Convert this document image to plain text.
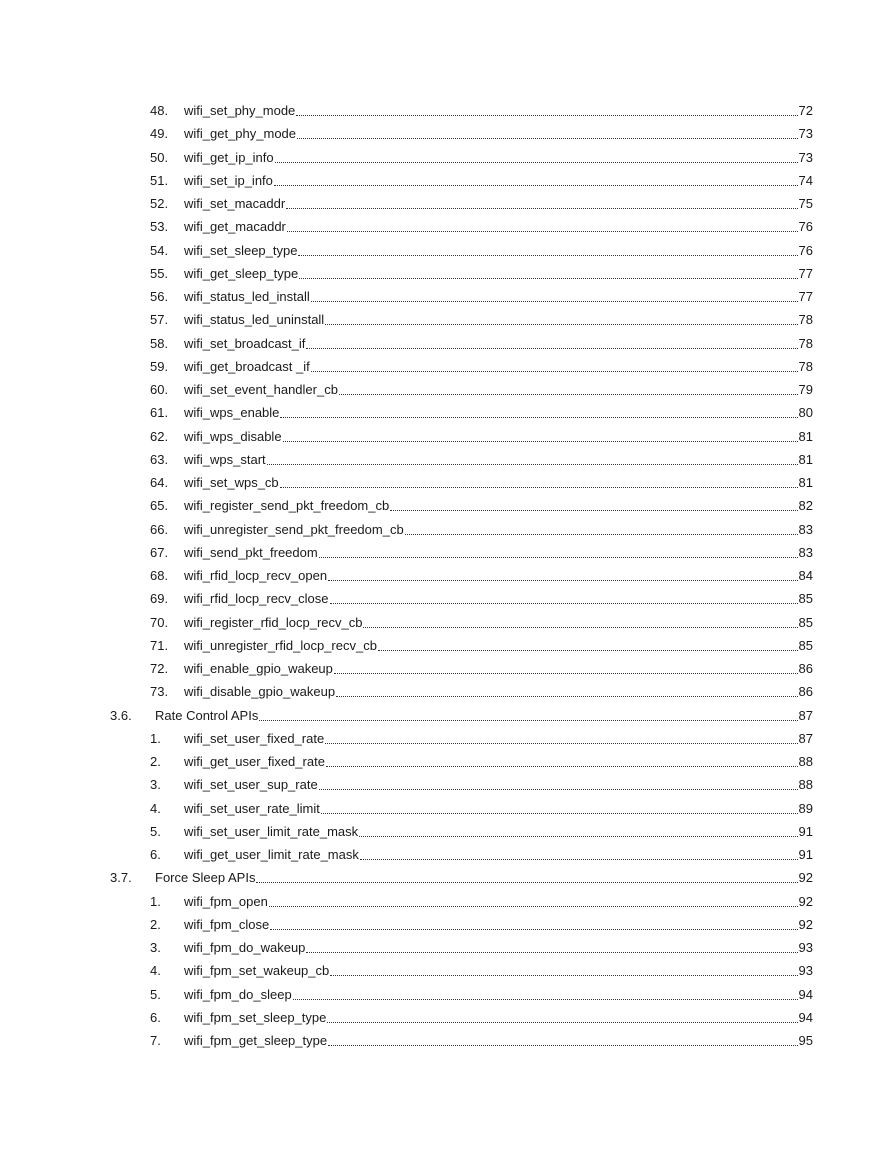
48. wifi_set_phy_mode	72
49. wifi_get_phy_mode	73
50. wifi_get_ip_info	73
51. wifi_set_ip_info	74
52. wifi_set_macaddr	75
53. wifi_get_macaddr	76
54. wifi_set_sleep_type	76
55. wifi_get_sleep_type	77
56. wifi_status_led_install	77
57. wifi_status_led_uninstall	78
58. wifi_set_broadcast_if	78
59. wifi_get_broadcast _if	78
60. wifi_set_event_handler_cb	79
61. wifi_wps_enable	80
62. wifi_wps_disable	81
63. wifi_wps_start	81
64. wifi_set_wps_cb	81
65. wifi_register_send_pkt_freedom_cb	82
66. wifi_unregister_send_pkt_freedom_cb	83
67. wifi_send_pkt_freedom	83
68. wifi_rfid_locp_recv_open	84
69. wifi_rfid_locp_recv_close	85
70. wifi_register_rfid_locp_recv_cb	85
71. wifi_unregister_rfid_locp_recv_cb	85
72. wifi_enable_gpio_wakeup	86
73. wifi_disable_gpio_wakeup	86
3.6. Rate Control APIs	87
1. wifi_set_user_fixed_rate	87
2. wifi_get_user_fixed_rate	88
3. wifi_set_user_sup_rate	88
4. wifi_set_user_rate_limit	89
5. wifi_set_user_limit_rate_mask	91
6. wifi_get_user_limit_rate_mask	91
3.7. Force Sleep APIs	92
1. wifi_fpm_open	92
2. wifi_fpm_close	92
3. wifi_fpm_do_wakeup	93
4. wifi_fpm_set_wakeup_cb	93
5. wifi_fpm_do_sleep	94
6. wifi_fpm_set_sleep_type	94
7. wifi_fpm_get_sleep_type	95
